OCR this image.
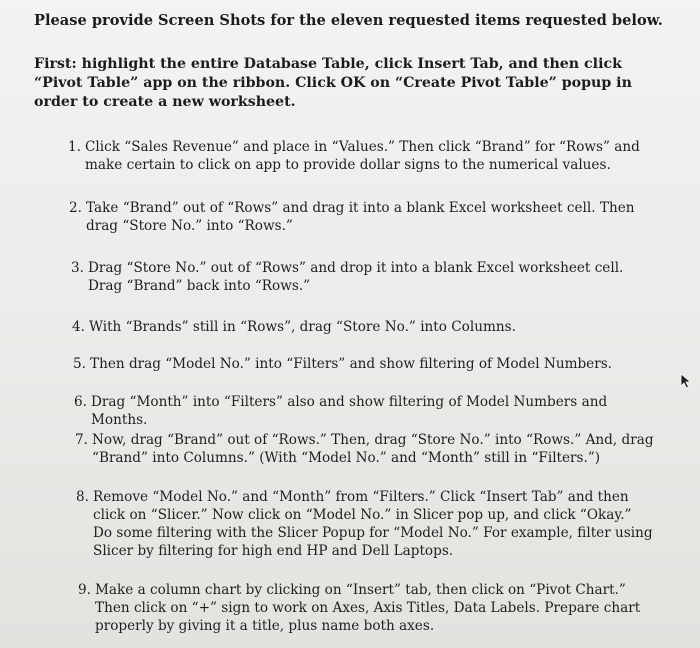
Please provide Screen Shots for the eleven requested items requested below.

First: highlight the entire Database Table, click Insert Tab, and then click “Pivot Table” app on the ribbon. Click OK on “Create Pivot Table” popup in order to create a new worksheet.

1. Click “Sales Revenue” and place in “Values.” Then click “Brand” for “Rows” and make certain to click on app to provide dollar signs to the numerical values.
2. Take “Brand” out of “Rows” and drag it into a blank Excel worksheet cell. Then drag “Store No.” into “Rows.”
3. Drag “Store No.” out of “Rows” and drop it into a blank Excel worksheet cell. Drag “Brand” back into “Rows.”
4. With “Brands” still in “Rows”, drag “Store No.” into Columns.
5. Then drag “Model No.” into “Filters” and show filtering of Model Numbers.
6. Drag “Month” into “Filters” also and show filtering of Model Numbers and Months.
7. Now, drag “Brand” out of “Rows.” Then, drag “Store No.” into “Rows.” And, drag “Brand” into Columns.” (With “Model No.” and “Month” still in “Filters.”)
8. Remove “Model No.” and “Month” from “Filters.” Click “Insert Tab” and then click on “Slicer.” Now click on “Model No.” in Slicer pop up, and click “Okay.” Do some filtering with the Slicer Popup for “Model No.” For example, filter using Slicer by filtering for high end HP and Dell Laptops.
9. Make a column chart by clicking on “Insert” tab, then click on “Pivot Chart.” Then click on “+” sign to work on Axes, Axis Titles, Data Labels. Prepare chart properly by giving it a title, plus name both axes.
